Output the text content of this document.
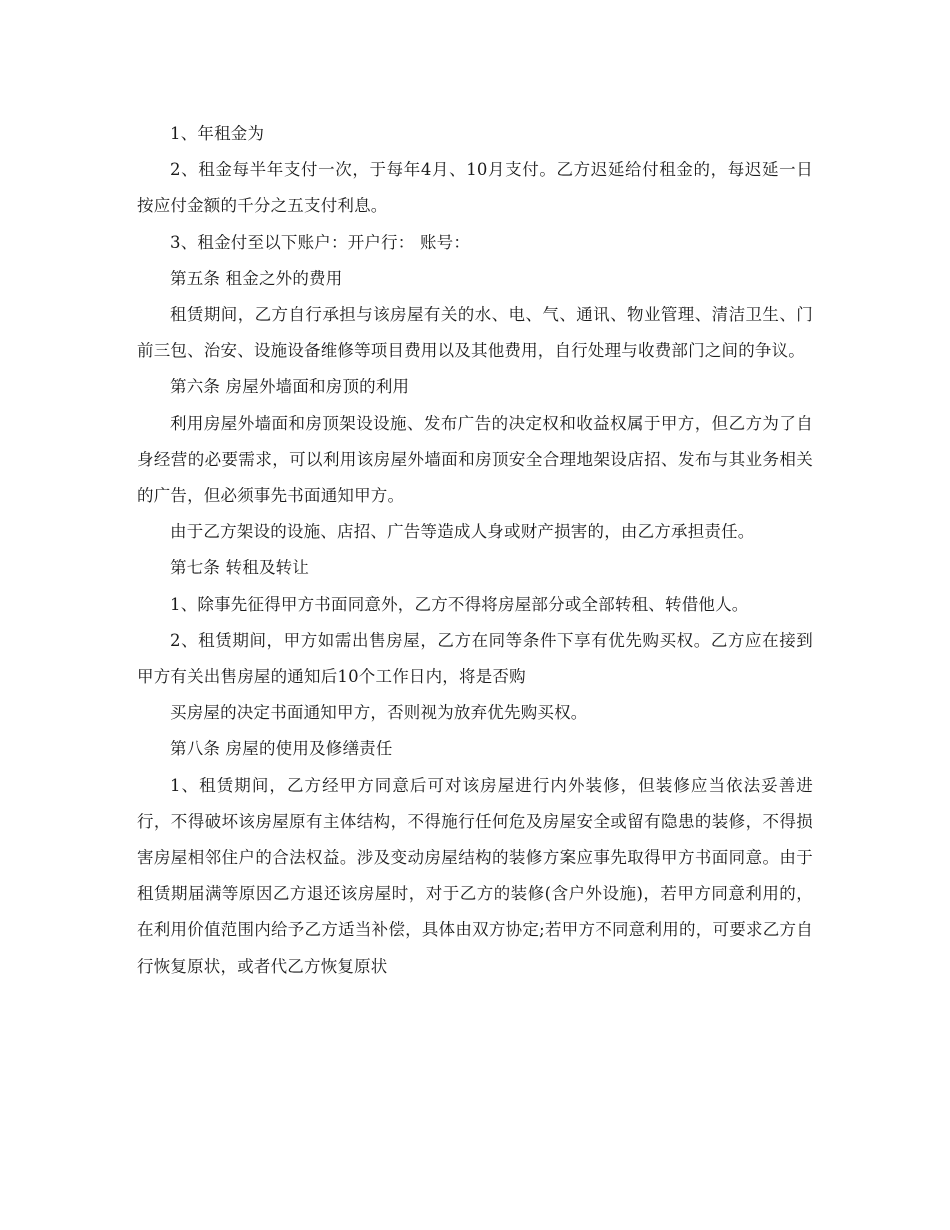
1、年租金为

2、租金每半年支付一次，于每年4月、10月支付。乙方迟延给付租金的，每迟延一日按应付金额的千分之五支付利息。

3、租金付至以下账户：开户行： 账号：

第五条 租金之外的费用

租赁期间，乙方自行承担与该房屋有关的水、电、气、通讯、物业管理、清洁卫生、门前三包、治安、设施设备维修等项目费用以及其他费用，自行处理与收费部门之间的争议。

第六条 房屋外墙面和房顶的利用

利用房屋外墙面和房顶架设设施、发布广告的决定权和收益权属于甲方，但乙方为了自身经营的必要需求，可以利用该房屋外墙面和房顶安全合理地架设店招、发布与其业务相关的广告，但必须事先书面通知甲方。

由于乙方架设的设施、店招、广告等造成人身或财产损害的，由乙方承担责任。

第七条 转租及转让

1、除事先征得甲方书面同意外，乙方不得将房屋部分或全部转租、转借他人。

2、租赁期间，甲方如需出售房屋，乙方在同等条件下享有优先购买权。乙方应在接到甲方有关出售房屋的通知后10个工作日内，将是否购

买房屋的决定书面通知甲方，否则视为放弃优先购买权。

第八条 房屋的使用及修缮责任

1、租赁期间，乙方经甲方同意后可对该房屋进行内外装修，但装修应当依法妥善进行，不得破坏该房屋原有主体结构，不得施行任何危及房屋安全或留有隐患的装修，不得损害房屋相邻住户的合法权益。涉及变动房屋结构的装修方案应事先取得甲方书面同意。由于租赁期届满等原因乙方退还该房屋时，对于乙方的装修(含户外设施)，若甲方同意利用的，在利用价值范围内给予乙方适当补偿，具体由双方协定;若甲方不同意利用的，可要求乙方自行恢复原状，或者代乙方恢复原状
